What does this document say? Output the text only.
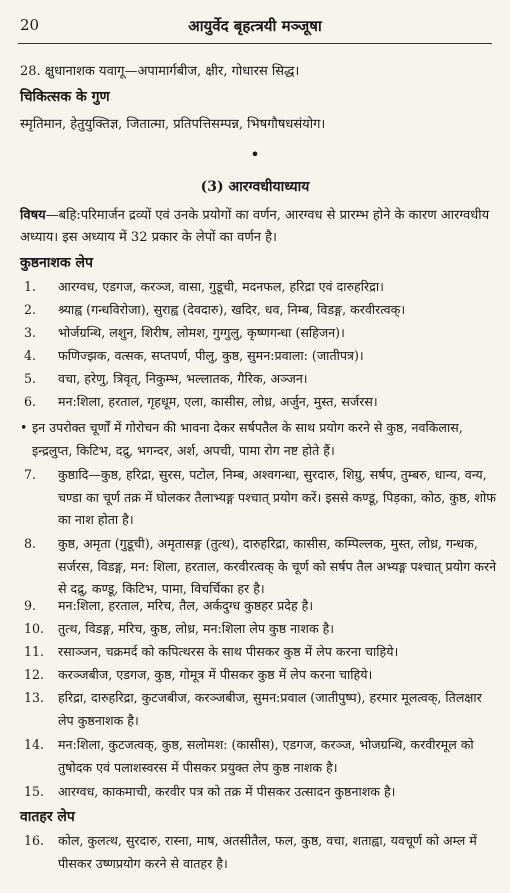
20	आयुर्वेद बृहत्त्रयी मञ्जूषा
28. क्षुधानाशक यवागू—अपामार्गबीज, क्षीर, गोधारस सिद्ध।
चिकित्सक के गुण
स्मृतिमान, हेतुयुक्तिज्ञ, जितात्मा, प्रतिपत्तिसम्पन्न, भिषगौषधसंयोग।
•
(3) आरग्वधीयाध्याय
विषय—बहि:परिमार्जन द्रव्यों एवं उनके प्रयोगों का वर्णन, आरग्वध से प्रारम्भ होने के कारण आरग्वधीय अध्याय। इस अध्याय में 32 प्रकार के लेपों का वर्णन है।
कुष्ठनाशक लेप
1.	आरग्वध, एडगज, करञ्ज, वासा, गुडूची, मदनफल, हरिद्रा एवं दारुहरिद्रा।
2.	श्र्याह्व (गन्धविरोजा), सुराह्व (देवदारु), खदिर, धव, निम्ब, विडङ्ग, करवीरत्वक्।
3.	भोर्जग्रन्थि, लशुन, शिरीष, लोमश, गुग्गुलु, कृष्णगन्धा (सहिजन)।
4.	फणिज्झक, वत्सक, सप्तपर्ण, पीलु, कुष्ठ, सुमन:प्रवाला: (जातीपत्र)।
5.	वचा, हरेणु, त्रिवृत्, निकुम्भ, भल्लातक, गैरिक, अञ्जन।
6.	मन:शिला, हरताल, गृहधूम, एला, कासीस, लोध्र, अर्जुन, मुस्त, सर्जरस।
• इन उपरोक्त चूर्णों में गोरोचन की भावना देकर सर्षपतैल के साथ प्रयोग करने से कुष्ठ, नवकिलास, इन्द्रलुप्त, किटिभ, दद्रु, भगन्दर, अर्श, अपची, पामा रोग नष्ट होते हैं।
7.	कुष्ठादि—कुष्ठ, हरिद्रा, सुरस, पटोल, निम्ब, अश्वगन्धा, सुरदारु, शिग्रु, सर्षप, तुम्बरु, धान्य, वन्य, चण्डा का चूर्ण तक्र में घोलकर तैलाभ्यङ्ग पश्चात् प्रयोग करें। इससे कण्डू, पिड़का, कोठ, कुष्ठ, शोफ का नाश होता है।
8.	कुष्ठ, अमृता (गुडूची), अमृतासङ्ग (तुत्थ), दारुहरिद्रा, कासीस, कम्पिल्लक, मुस्त, लोध्र, गन्धक, सर्जरस, विडङ्ग, मन: शिला, हरताल, करवीरत्वक् के चूर्ण को सर्षप तैल अभ्यङ्ग पश्चात् प्रयोग करने से दद्रु, कण्डू, किटिभ, पामा, विचर्चिका हर है।
9.	मन:शिला, हरताल, मरिच, तैल, अर्कदुग्ध कुष्ठहर प्रदेह है।
10.	तुत्थ, विडङ्ग, मरिच, कुष्ठ, लोध्र, मन:शिला लेप कुष्ठ नाशक है।
11.	रसाञ्जन, चक्रमर्द को कपित्थरस के साथ पीसकर कुष्ठ में लेप करना चाहिये।
12.	करञ्जबीज, एडगज, कुष्ठ, गोमूत्र में पीसकर कुष्ठ में लेप करना चाहिये।
13.	हरिद्रा, दारुहरिद्रा, कुटजबीज, करञ्जबीज, सुमन:प्रवाल (जातीपुष्प), हरमार मूलत्वक्, तिलक्षार लेप कुष्ठनाशक है।
14.	मन:शिला, कुटजत्वक्, कुष्ठ, सलोमश: (कासीस), एडगज, करञ्ज, भोजग्रन्थि, करवीरमूल को तुषोदक एवं पलाशस्वरस में पीसकर प्रयुक्त लेप कुष्ठ नाशक है।
15.	आरग्वध, काकमाची, करवीर पत्र को तक्र में पीसकर उत्सादन कुष्ठनाशक है।
वातहर लेप
16.	कोल, कुलत्थ, सुरदारु, रास्ना, माष, अतसीतैल, फल, कुष्ठ, वचा, शताह्वा, यवचूर्ण को अम्ल में पीसकर उष्णप्रयोग करने से वातहर है।
